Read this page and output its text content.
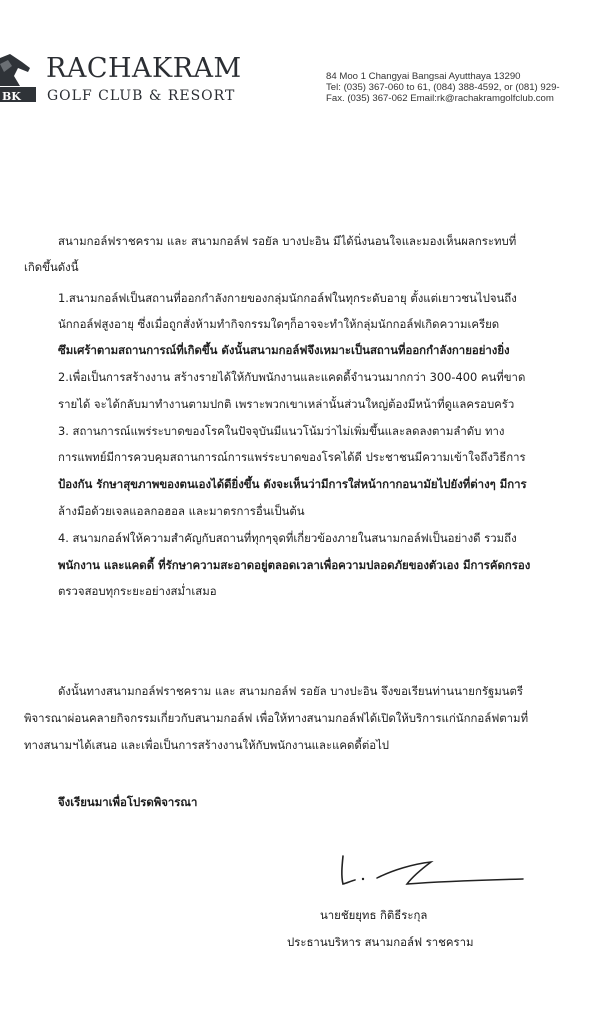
BK
RACHAKRAM
GOLF CLUB & RESORT
84 Moo 1 Changyai Bangsai Ayutthaya 13290
Tel: (035) 367-060 to 61, (084) 388-4592, or (081) 929-
Fax. (035) 367-062 Email:rk@rachakramgolfclub.com
สนามกอล์ฟราชคราม และ สนามกอล์ฟ รอยัล บางปะอิน มีได้นิ่งนอนใจและมองเห็นผลกระทบที่
เกิดขึ้นดังนี้
1.สนามกอล์ฟเป็นสถานที่ออกกำลังกายของกลุ่มนักกอล์ฟในทุกระดับอายุ ตั้งแต่เยาวชนไปจนถึง
นักกอล์ฟสูงอายุ ซึ่งเมื่อถูกสั่งห้ามทำกิจกรรมใดๆก็อาจจะทำให้กลุ่มนักกอล์ฟเกิดความเครียด
ซึมเศร้าตามสถานการณ์ที่เกิดขึ้น ดังนั้นสนามกอล์ฟจึงเหมาะเป็นสถานที่ออกกำลังกายอย่างยิ่ง
2.เพื่อเป็นการสร้างงาน สร้างรายได้ให้กับพนักงานและแคดดี้จำนวนมากกว่า 300-400 คนที่ขาด
รายได้ จะได้กลับมาทำงานตามปกติ เพราะพวกเขาเหล่านั้นส่วนใหญ่ต้องมีหน้าที่ดูแลครอบครัว
3. สถานการณ์แพร่ระบาดของโรคในปัจจุบันมีแนวโน้มว่าไม่เพิ่มขึ้นและลดลงตามลำดับ ทาง
การแพทย์มีการควบคุมสถานการณ์การแพร่ระบาดของโรคได้ดี ประชาชนมีความเข้าใจถึงวิธีการ
ป้องกัน รักษาสุขภาพของตนเองได้ดียิ่งขึ้น ดังจะเห็นว่ามีการใส่หน้ากากอนามัยไปยังที่ต่างๆ มีการ
ล้างมือด้วยเจลแอลกอฮอล และมาตรการอื่นเป็นต้น
4. สนามกอล์ฟให้ความสำคัญกับสถานที่ทุกๆจุดที่เกี่ยวข้องภายในสนามกอล์ฟเป็นอย่างดี รวมถึง
พนักงาน และแคดดี้ ที่รักษาความสะอาดอยู่ตลอดเวลาเพื่อความปลอดภัยของตัวเอง มีการคัดกรอง
ตรวจสอบทุกระยะอย่างสม่ำเสมอ
ดังนั้นทางสนามกอล์ฟราชคราม และ สนามกอล์ฟ รอยัล บางปะอิน จึงขอเรียนท่านนายกรัฐมนตรี
พิจารณาผ่อนคลายกิจกรรมเกี่ยวกับสนามกอล์ฟ เพื่อให้ทางสนามกอล์ฟได้เปิดให้บริการแก่นักกอล์ฟตามที่
ทางสนามฯได้เสนอ และเพื่อเป็นการสร้างงานให้กับพนักงานและแคดดี้ต่อไป
จึงเรียนมาเพื่อโปรดพิจารณา
นายชัยยุทธ กิติธีระกุล
ประธานบริหาร สนามกอล์ฟ ราชคราม
